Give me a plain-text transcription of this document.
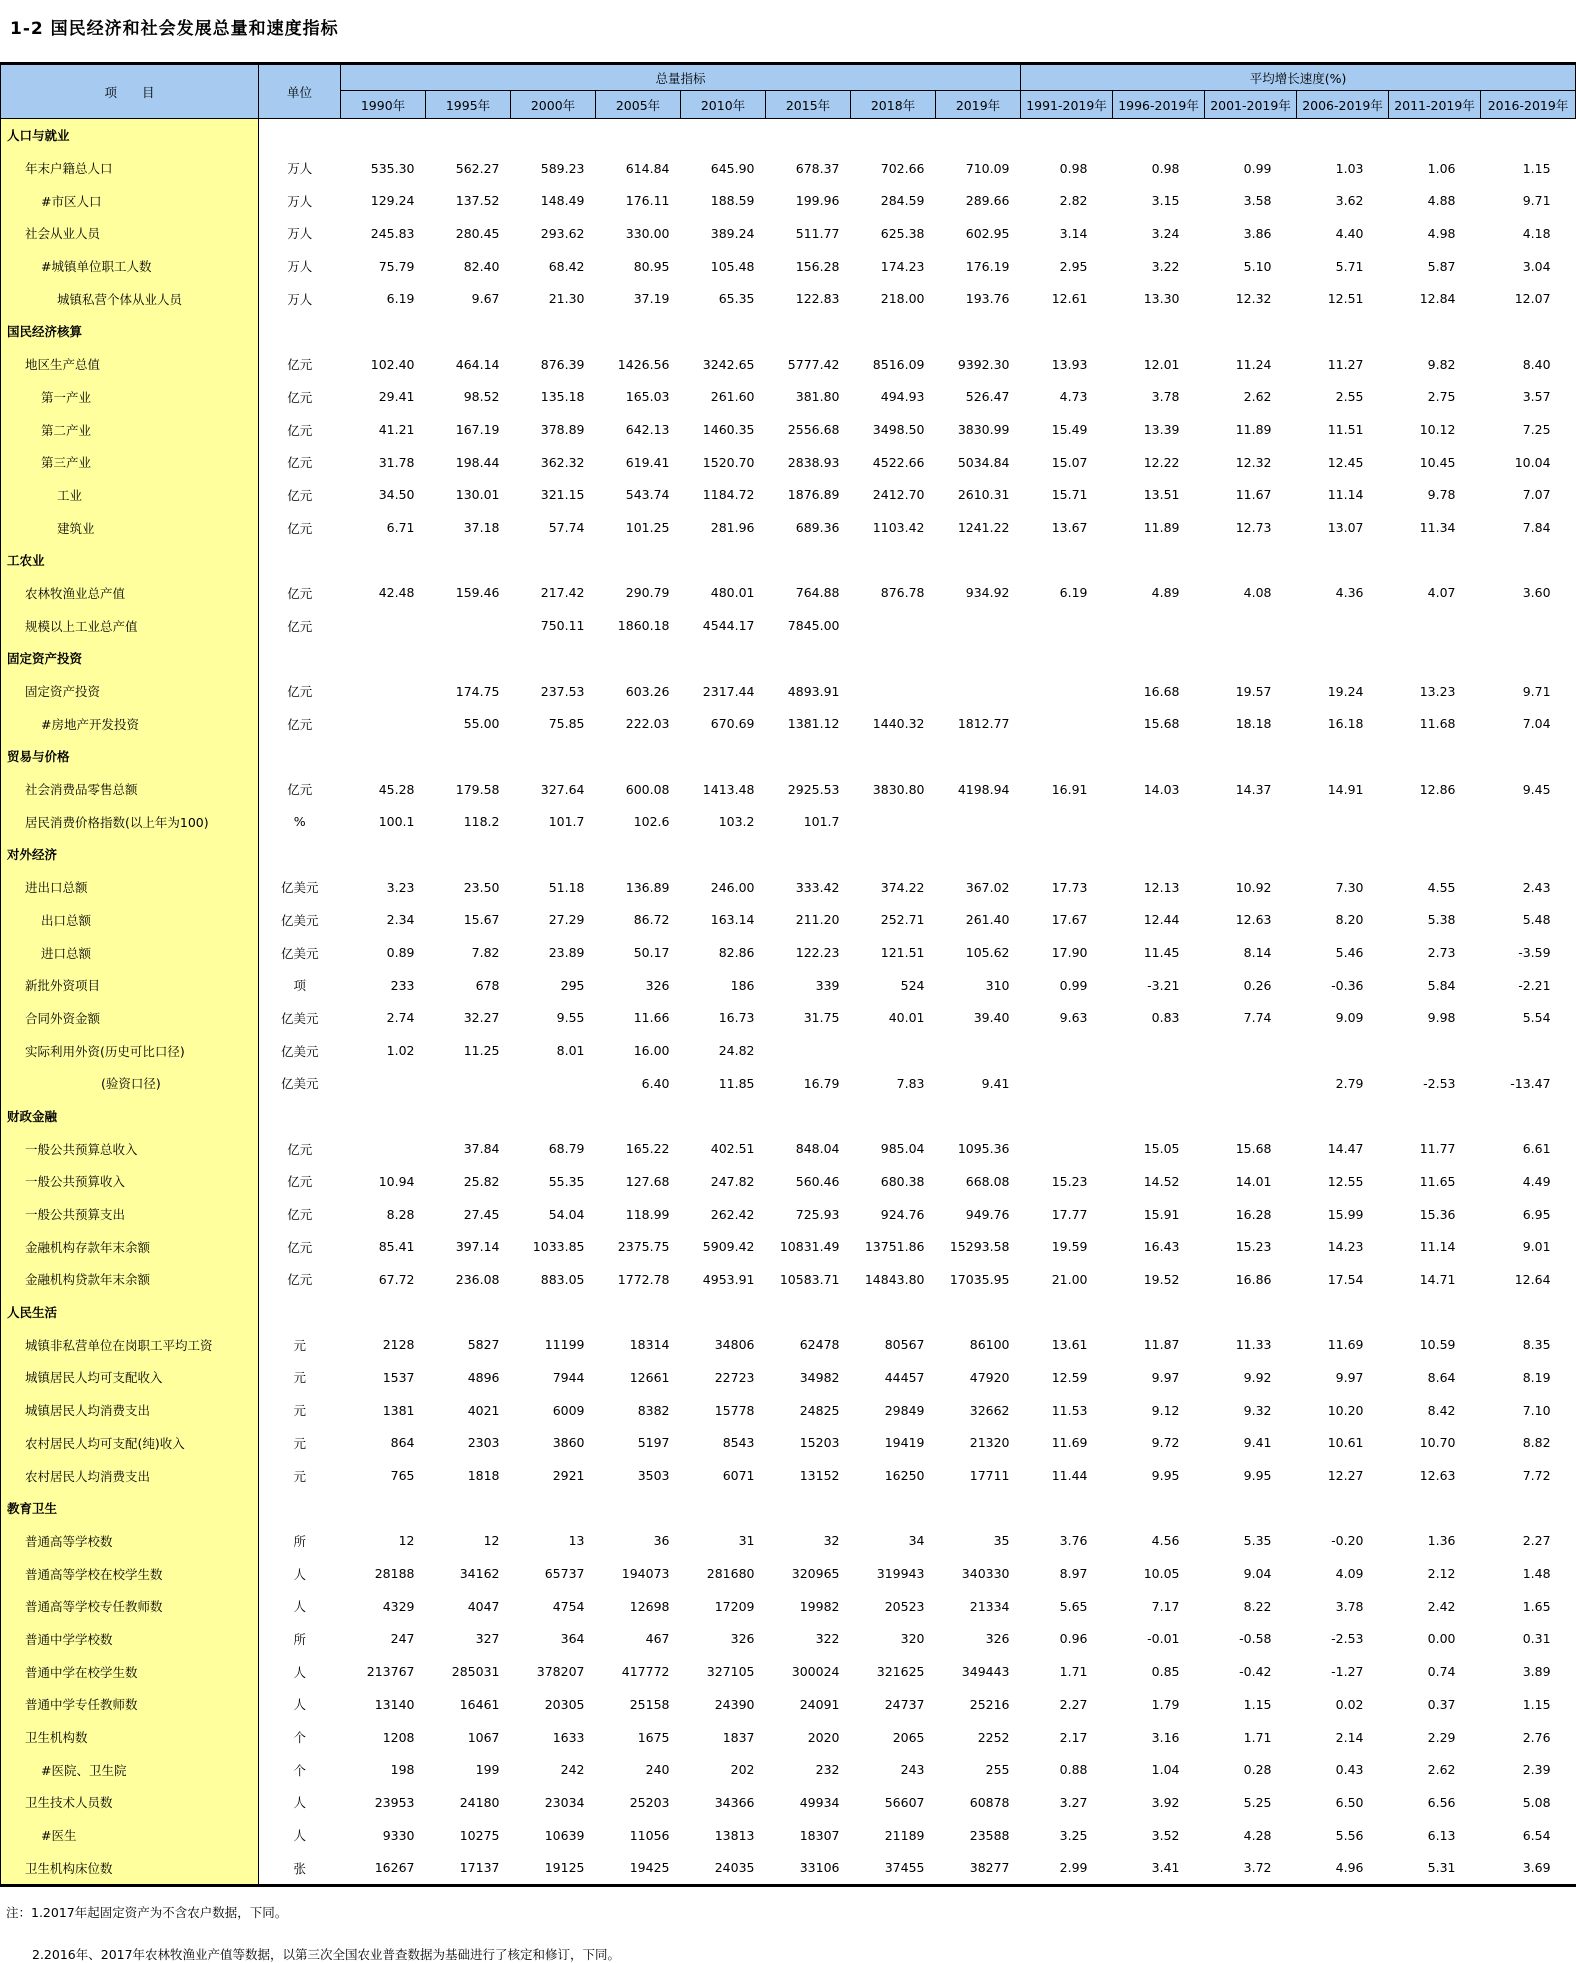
1-2 国民经济和社会发展总量和速度指标
项　　目	单位	总量指标								平均增长速度(%)					
		1990年	1995年	2000年	2005年	2010年	2015年	2018年	2019年	1991-2019年	1996-2019年	2001-2019年	2006-2019年	2011-2019年	2016-2019年
人口与就业															
年末户籍总人口	万人	535.30	562.27	589.23	614.84	645.90	678.37	702.66	710.09	0.98	0.98	0.99	1.03	1.06	1.15
#市区人口	万人	129.24	137.52	148.49	176.11	188.59	199.96	284.59	289.66	2.82	3.15	3.58	3.62	4.88	9.71
社会从业人员	万人	245.83	280.45	293.62	330.00	389.24	511.77	625.38	602.95	3.14	3.24	3.86	4.40	4.98	4.18
#城镇单位职工人数	万人	75.79	82.40	68.42	80.95	105.48	156.28	174.23	176.19	2.95	3.22	5.10	5.71	5.87	3.04
城镇私营个体从业人员	万人	6.19	9.67	21.30	37.19	65.35	122.83	218.00	193.76	12.61	13.30	12.32	12.51	12.84	12.07
国民经济核算															
地区生产总值	亿元	102.40	464.14	876.39	1426.56	3242.65	5777.42	8516.09	9392.30	13.93	12.01	11.24	11.27	9.82	8.40
第一产业	亿元	29.41	98.52	135.18	165.03	261.60	381.80	494.93	526.47	4.73	3.78	2.62	2.55	2.75	3.57
第二产业	亿元	41.21	167.19	378.89	642.13	1460.35	2556.68	3498.50	3830.99	15.49	13.39	11.89	11.51	10.12	7.25
第三产业	亿元	31.78	198.44	362.32	619.41	1520.70	2838.93	4522.66	5034.84	15.07	12.22	12.32	12.45	10.45	10.04
工业	亿元	34.50	130.01	321.15	543.74	1184.72	1876.89	2412.70	2610.31	15.71	13.51	11.67	11.14	9.78	7.07
建筑业	亿元	6.71	37.18	57.74	101.25	281.96	689.36	1103.42	1241.22	13.67	11.89	12.73	13.07	11.34	7.84
工农业															
农林牧渔业总产值	亿元	42.48	159.46	217.42	290.79	480.01	764.88	876.78	934.92	6.19	4.89	4.08	4.36	4.07	3.60
规模以上工业总产值	亿元			750.11	1860.18	4544.17	7845.00								
固定资产投资															
固定资产投资	亿元		174.75	237.53	603.26	2317.44	4893.91				16.68	19.57	19.24	13.23	9.71
#房地产开发投资	亿元		55.00	75.85	222.03	670.69	1381.12	1440.32	1812.77		15.68	18.18	16.18	11.68	7.04
贸易与价格															
社会消费品零售总额	亿元	45.28	179.58	327.64	600.08	1413.48	2925.53	3830.80	4198.94	16.91	14.03	14.37	14.91	12.86	9.45
居民消费价格指数(以上年为100)	%	100.1	118.2	101.7	102.6	103.2	101.7								
对外经济															
进出口总额	亿美元	3.23	23.50	51.18	136.89	246.00	333.42	374.22	367.02	17.73	12.13	10.92	7.30	4.55	2.43
出口总额	亿美元	2.34	15.67	27.29	86.72	163.14	211.20	252.71	261.40	17.67	12.44	12.63	8.20	5.38	5.48
进口总额	亿美元	0.89	7.82	23.89	50.17	82.86	122.23	121.51	105.62	17.90	11.45	8.14	5.46	2.73	-3.59
新批外资项目	项	233	678	295	326	186	339	524	310	0.99	-3.21	0.26	-0.36	5.84	-2.21
合同外资金额	亿美元	2.74	32.27	9.55	11.66	16.73	31.75	40.01	39.40	9.63	0.83	7.74	9.09	9.98	5.54
实际利用外资(历史可比口径)	亿美元	1.02	11.25	8.01	16.00	24.82									
(验资口径)	亿美元				6.40	11.85	16.79	7.83	9.41				2.79	-2.53	-13.47
财政金融															
一般公共预算总收入	亿元		37.84	68.79	165.22	402.51	848.04	985.04	1095.36		15.05	15.68	14.47	11.77	6.61
一般公共预算收入	亿元	10.94	25.82	55.35	127.68	247.82	560.46	680.38	668.08	15.23	14.52	14.01	12.55	11.65	4.49
一般公共预算支出	亿元	8.28	27.45	54.04	118.99	262.42	725.93	924.76	949.76	17.77	15.91	16.28	15.99	15.36	6.95
金融机构存款年末余额	亿元	85.41	397.14	1033.85	2375.75	5909.42	10831.49	13751.86	15293.58	19.59	16.43	15.23	14.23	11.14	9.01
金融机构贷款年末余额	亿元	67.72	236.08	883.05	1772.78	4953.91	10583.71	14843.80	17035.95	21.00	19.52	16.86	17.54	14.71	12.64
人民生活															
城镇非私营单位在岗职工平均工资	元	2128	5827	11199	18314	34806	62478	80567	86100	13.61	11.87	11.33	11.69	10.59	8.35
城镇居民人均可支配收入	元	1537	4896	7944	12661	22723	34982	44457	47920	12.59	9.97	9.92	9.97	8.64	8.19
城镇居民人均消费支出	元	1381	4021	6009	8382	15778	24825	29849	32662	11.53	9.12	9.32	10.20	8.42	7.10
农村居民人均可支配(纯)收入	元	864	2303	3860	5197	8543	15203	19419	21320	11.69	9.72	9.41	10.61	10.70	8.82
农村居民人均消费支出	元	765	1818	2921	3503	6071	13152	16250	17711	11.44	9.95	9.95	12.27	12.63	7.72
教育卫生															
普通高等学校数	所	12	12	13	36	31	32	34	35	3.76	4.56	5.35	-0.20	1.36	2.27
普通高等学校在校学生数	人	28188	34162	65737	194073	281680	320965	319943	340330	8.97	10.05	9.04	4.09	2.12	1.48
普通高等学校专任教师数	人	4329	4047	4754	12698	17209	19982	20523	21334	5.65	7.17	8.22	3.78	2.42	1.65
普通中学学校数	所	247	327	364	467	326	322	320	326	0.96	-0.01	-0.58	-2.53	0.00	0.31
普通中学在校学生数	人	213767	285031	378207	417772	327105	300024	321625	349443	1.71	0.85	-0.42	-1.27	0.74	3.89
普通中学专任教师数	人	13140	16461	20305	25158	24390	24091	24737	25216	2.27	1.79	1.15	0.02	0.37	1.15
卫生机构数	个	1208	1067	1633	1675	1837	2020	2065	2252	2.17	3.16	1.71	2.14	2.29	2.76
#医院、卫生院	个	198	199	242	240	202	232	243	255	0.88	1.04	0.28	0.43	2.62	2.39
卫生技术人员数	人	23953	24180	23034	25203	34366	49934	56607	60878	3.27	3.92	5.25	6.50	6.56	5.08
#医生	人	9330	10275	10639	11056	13813	18307	21189	23588	3.25	3.52	4.28	5.56	6.13	6.54
卫生机构床位数	张	16267	17137	19125	19425	24035	33106	37455	38277	2.99	3.41	3.72	4.96	5.31	3.69

注：1.2017年起固定资产为不含农户数据，下同。

2.2016年、2017年农林牧渔业产值等数据，以第三次全国农业普查数据为基础进行了核定和修订，下同。
